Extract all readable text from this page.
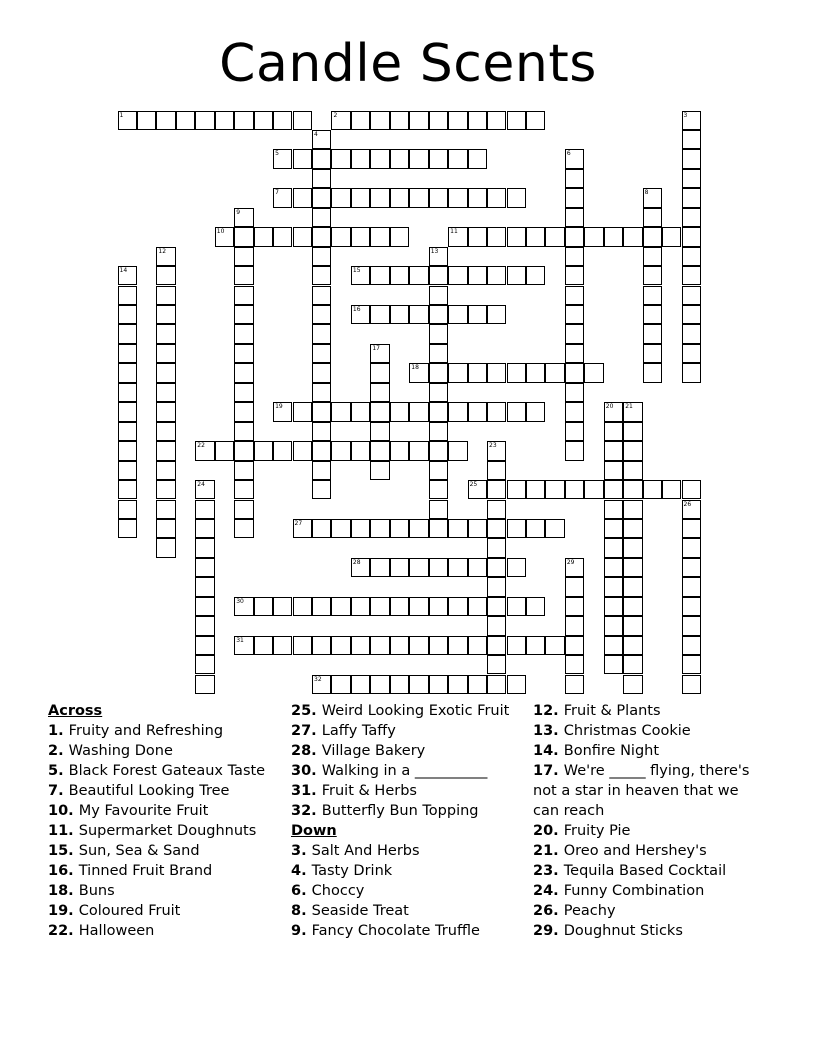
Candle Scents
1	2	3
4
5	6
7	8
9
10	11
12	13
14	15
16
17
18
19	20 21
22	23
24	25
26
27
28	29
30
31
32
Across
1. Fruity and Refreshing
2. Washing Done
5. Black Forest Gateaux Taste
7. Beautiful Looking Tree
10. My Favourite Fruit
11. Supermarket Doughnuts
15. Sun, Sea & Sand
16. Tinned Fruit Brand
18. Buns
19. Coloured Fruit
22. Halloween
25. Weird Looking Exotic Fruit
27. Laffy Taffy
28. Village Bakery
30. Walking in a __________
31. Fruit & Herbs
32. Butterfly Bun Topping
Down
3. Salt And Herbs
4. Tasty Drink
6. Choccy
8. Seaside Treat
9. Fancy Chocolate Truffle
12. Fruit & Plants
13. Christmas Cookie
14. Bonfire Night
17. We're _____ flying, there's not a star in heaven that we can reach
20. Fruity Pie
21. Oreo and Hershey's
23. Tequila Based Cocktail
24. Funny Combination
26. Peachy
29. Doughnut Sticks
